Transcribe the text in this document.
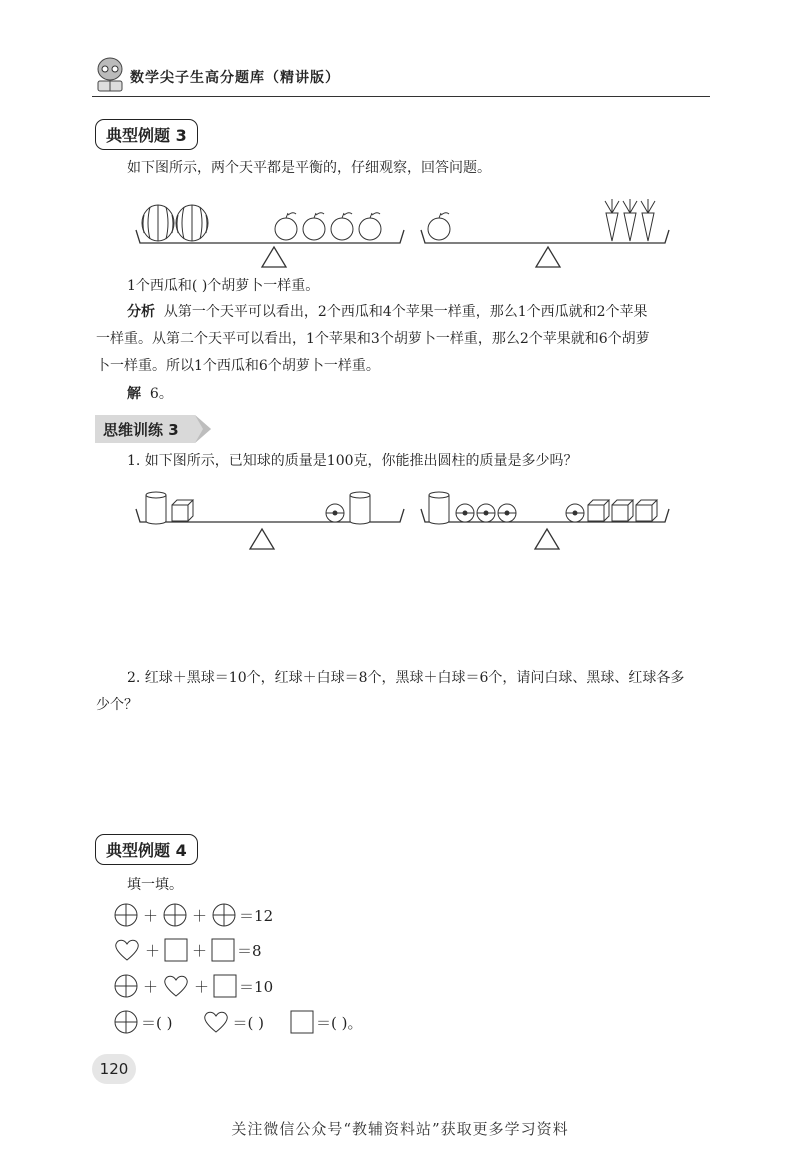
数学尖子生高分题库（精讲版）
典型例题 3
如下图所示，两个天平都是平衡的，仔细观察，回答问题。
1个西瓜和( )个胡萝卜一样重。
分析 从第一个天平可以看出，2个西瓜和4个苹果一样重，那么1个西瓜就和2个苹果
一样重。从第二个天平可以看出，1个苹果和3个胡萝卜一样重，那么2个苹果就和6个胡萝
卜一样重。所以1个西瓜和6个胡萝卜一样重。
解 6。
思维训练 3
1. 如下图所示，已知球的质量是100克，你能推出圆柱的质量是多少吗？
2. 红球＋黑球＝10个，红球＋白球＝8个，黑球＋白球＝6个，请问白球、黑球、红球各多
少个？
典型例题 4
填一填。
＋ ＋ ＝12
＋ ＋ ＝8
＋ ＋ ＝10
＝( )	＝( )	＝( )。
120
关注微信公众号“教辅资料站”获取更多学习资料
